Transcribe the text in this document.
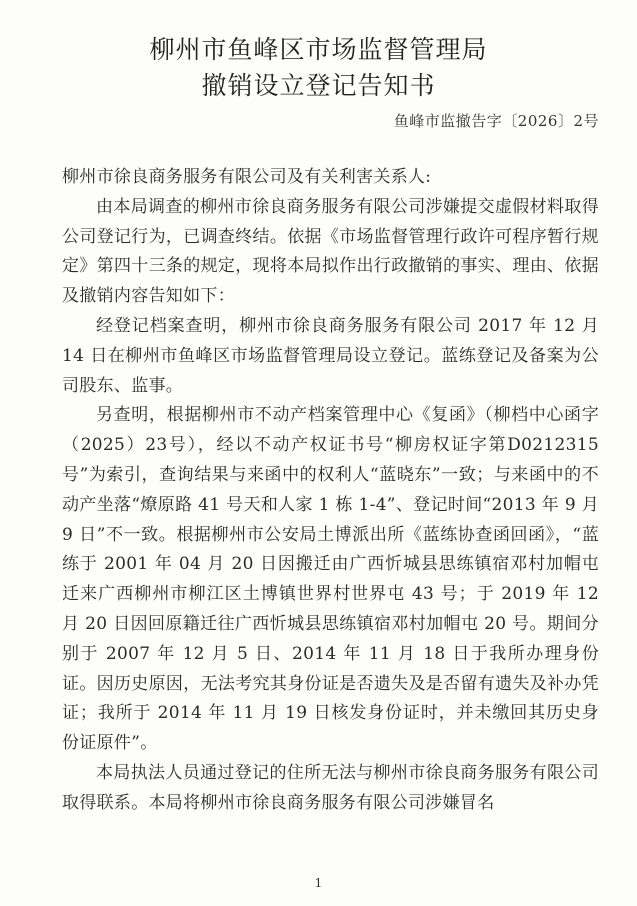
柳州市鱼峰区市场监督管理局
撤销设立登记告知书
鱼峰市监撤告字〔2026〕2号

柳州市徐良商务服务有限公司及有关利害关系人:

由本局调查的柳州市徐良商务服务有限公司涉嫌提交虚假材料取得公司登记行为，已调查终结。依据《市场监督管理行政许可程序暂行规定》第四十三条的规定，现将本局拟作出行政撤销的事实、理由、依据及撤销内容告知如下：

经登记档案查明，柳州市徐良商务服务有限公司 2017 年 12 月 14 日在柳州市鱼峰区市场监督管理局设立登记。蓝练登记及备案为公司股东、监事。

另查明，根据柳州市不动产档案管理中心《复函》（柳档中心函字（2025）23号），经以不动产权证书号“柳房权证字第D0212315号”为索引，查询结果与来函中的权利人“蓝晓东”一致；与来函中的不动产坐落“燎原路 41 号天和人家 1 栋 1-4”、登记时间“2013 年 9 月 9 日”不一致。根据柳州市公安局土博派出所《蓝练协查函回函》，“蓝练于 2001 年 04 月 20 日因搬迁由广西忻城县思练镇宿邓村加帽屯迁来广西柳州市柳江区土博镇世界村世界屯 43 号；于 2019 年 12 月 20 日因回原籍迁往广西忻城县思练镇宿邓村加帽屯 20 号。期间分别于 2007 年 12 月 5 日、2014 年 11 月 18 日于我所办理身份证。因历史原因，无法考究其身份证是否遗失及是否留有遗失及补办凭证；我所于 2014 年 11 月 19 日核发身份证时，并未缴回其历史身份证原件”。

本局执法人员通过登记的住所无法与柳州市徐良商务服务有限公司取得联系。本局将柳州市徐良商务服务有限公司涉嫌冒名

1
